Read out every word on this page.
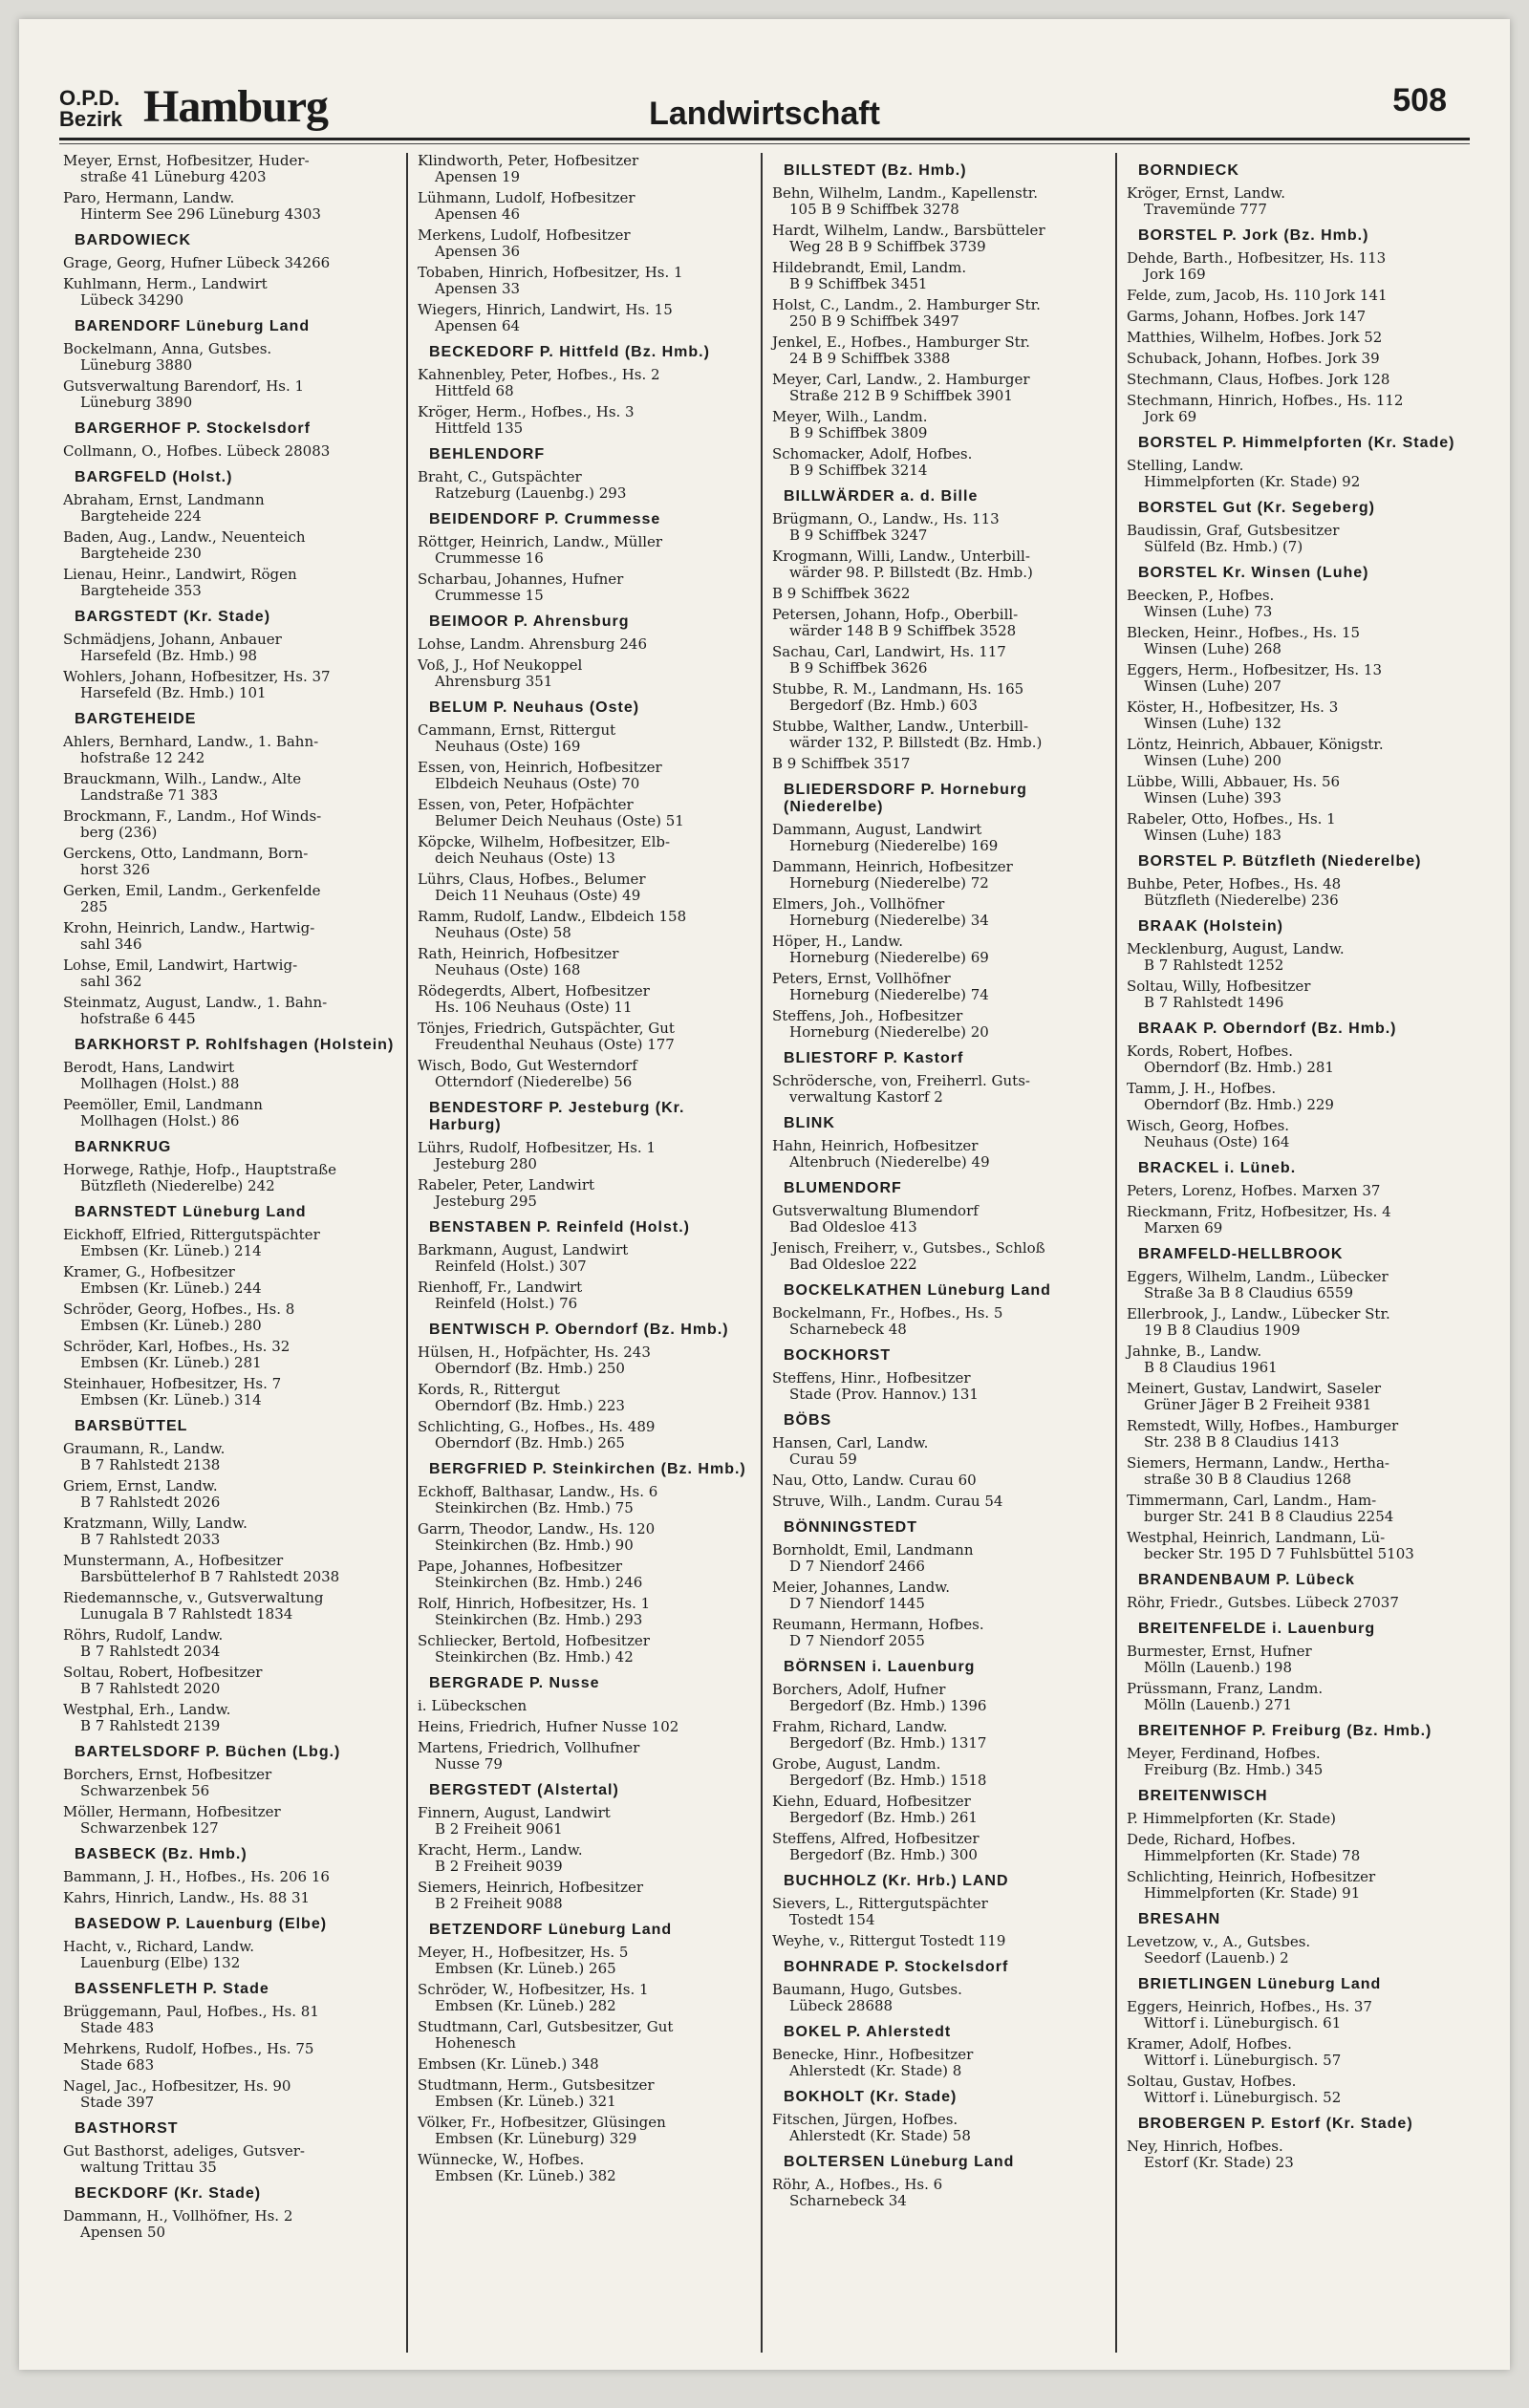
O.P.D.
Bezirk Hamburg	Landwirtschaft	508
Meyer, Ernst, Hofbesitzer, Huder-
straße 41 Lüneburg 4203
Paro, Hermann, Landw.
Hinterm See 296 Lüneburg 4303
BARDOWIECK
Grage, Georg, Hufner Lübeck 34266
Kuhlmann, Herm., Landwirt
Lübeck 34290
BARENDORF Lüneburg Land
Bockelmann, Anna, Gutsbes.
Lüneburg 3880
Gutsverwaltung Barendorf, Hs. 1
Lüneburg 3890
BARGERHOF P. Stockelsdorf
Collmann, O., Hofbes. Lübeck 28083
BARGFELD (Holst.)
Abraham, Ernst, Landmann
Bargteheide 224
Baden, Aug., Landw., Neuenteich
Bargteheide 230
Lienau, Heinr., Landwirt, Rögen
Bargteheide 353
BARGSTEDT (Kr. Stade)
Schmädjens, Johann, Anbauer
Harsefeld (Bz. Hmb.) 98
Wohlers, Johann, Hofbesitzer, Hs. 37
Harsefeld (Bz. Hmb.) 101
BARGTEHEIDE
Ahlers, Bernhard, Landw., 1. Bahn-
hofstraße 12 242
Brauckmann, Wilh., Landw., Alte
Landstraße 71 383
Brockmann, F., Landm., Hof Winds-
berg (236)
Gerckens, Otto, Landmann, Born-
horst 326
Gerken, Emil, Landm., Gerkenfelde
285
Krohn, Heinrich, Landw., Hartwig-
sahl 346
Lohse, Emil, Landwirt, Hartwig-
sahl 362
Steinmatz, August, Landw., 1. Bahn-
hofstraße 6 445
BARKHORST P. Rohlfshagen (Holstein)
Berodt, Hans, Landwirt
Mollhagen (Holst.) 88
Peemöller, Emil, Landmann
Mollhagen (Holst.) 86
BARNKRUG
Horwege, Rathje, Hofp., Hauptstraße
Bützfleth (Niederelbe) 242
BARNSTEDT Lüneburg Land
Eickhoff, Elfried, Rittergutspächter
Embsen (Kr. Lüneb.) 214
Kramer, G., Hofbesitzer
Embsen (Kr. Lüneb.) 244
Schröder, Georg, Hofbes., Hs. 8
Embsen (Kr. Lüneb.) 280
Schröder, Karl, Hofbes., Hs. 32
Embsen (Kr. Lüneb.) 281
Steinhauer, Hofbesitzer, Hs. 7
Embsen (Kr. Lüneb.) 314
BARSBÜTTEL
Graumann, R., Landw.
B 7 Rahlstedt 2138
Griem, Ernst, Landw.
B 7 Rahlstedt 2026
Kratzmann, Willy, Landw.
B 7 Rahlstedt 2033
Munstermann, A., Hofbesitzer
Barsbüttelerhof B 7 Rahlstedt 2038
Riedemannsche, v., Gutsverwaltung
Lunugala B 7 Rahlstedt 1834
Röhrs, Rudolf, Landw.
B 7 Rahlstedt 2034
Soltau, Robert, Hofbesitzer
B 7 Rahlstedt 2020
Westphal, Erh., Landw.
B 7 Rahlstedt 2139
BARTELSDORF P. Büchen (Lbg.)
Borchers, Ernst, Hofbesitzer
Schwarzenbek 56
Möller, Hermann, Hofbesitzer
Schwarzenbek 127
BASBECK (Bz. Hmb.)
Bammann, J. H., Hofbes., Hs. 206 16
Kahrs, Hinrich, Landw., Hs. 88 31
BASEDOW P. Lauenburg (Elbe)
Hacht, v., Richard, Landw.
Lauenburg (Elbe) 132
BASSENFLETH P. Stade
Brüggemann, Paul, Hofbes., Hs. 81
Stade 483
Mehrkens, Rudolf, Hofbes., Hs. 75
Stade 683
Nagel, Jac., Hofbesitzer, Hs. 90
Stade 397
BASTHORST
Gut Basthorst, adeliges, Gutsver-
waltung Trittau 35
BECKDORF (Kr. Stade)
Dammann, H., Vollhöfner, Hs. 2
Apensen 50
Klindworth, Peter, Hofbesitzer
Apensen 19
Lühmann, Ludolf, Hofbesitzer
Apensen 46
Merkens, Ludolf, Hofbesitzer
Apensen 36
Tobaben, Hinrich, Hofbesitzer, Hs. 1
Apensen 33
Wiegers, Hinrich, Landwirt, Hs. 15
Apensen 64
BECKEDORF P. Hittfeld (Bz. Hmb.)
Kahnenbley, Peter, Hofbes., Hs. 2
Hittfeld 68
Kröger, Herm., Hofbes., Hs. 3
Hittfeld 135
BEHLENDORF
Braht, C., Gutspächter
Ratzeburg (Lauenbg.) 293
BEIDENDORF P. Crummesse
Röttger, Heinrich, Landw., Müller
Crummesse 16
Scharbau, Johannes, Hufner
Crummesse 15
BEIMOOR P. Ahrensburg
Lohse, Landm. Ahrensburg 246
Voß, J., Hof Neukoppel
Ahrensburg 351
BELUM P. Neuhaus (Oste)
Cammann, Ernst, Rittergut
Neuhaus (Oste) 169
Essen, von, Heinrich, Hofbesitzer
Elbdeich Neuhaus (Oste) 70
Essen, von, Peter, Hofpächter
Belumer Deich Neuhaus (Oste) 51
Köpcke, Wilhelm, Hofbesitzer, Elb-
deich Neuhaus (Oste) 13
Lührs, Claus, Hofbes., Belumer
Deich 11 Neuhaus (Oste) 49
Ramm, Rudolf, Landw., Elbdeich 158
Neuhaus (Oste) 58
Rath, Heinrich, Hofbesitzer
Neuhaus (Oste) 168
Rödegerdts, Albert, Hofbesitzer
Hs. 106 Neuhaus (Oste) 11
Tönjes, Friedrich, Gutspächter, Gut
Freudenthal Neuhaus (Oste) 177
Wisch, Bodo, Gut Westerndorf
Otterndorf (Niederelbe) 56
BENDESTORF P. Jesteburg (Kr. Harburg)
Lührs, Rudolf, Hofbesitzer, Hs. 1
Jesteburg 280
Rabeler, Peter, Landwirt
Jesteburg 295
BENSTABEN P. Reinfeld (Holst.)
Barkmann, August, Landwirt
Reinfeld (Holst.) 307
Rienhoff, Fr., Landwirt
Reinfeld (Holst.) 76
BENTWISCH P. Oberndorf (Bz. Hmb.)
Hülsen, H., Hofpächter, Hs. 243
Oberndorf (Bz. Hmb.) 250
Kords, R., Rittergut
Oberndorf (Bz. Hmb.) 223
Schlichting, G., Hofbes., Hs. 489
Oberndorf (Bz. Hmb.) 265
BERGFRIED P. Steinkirchen (Bz. Hmb.)
Eckhoff, Balthasar, Landw., Hs. 6
Steinkirchen (Bz. Hmb.) 75
Garrn, Theodor, Landw., Hs. 120
Steinkirchen (Bz. Hmb.) 90
Pape, Johannes, Hofbesitzer
Steinkirchen (Bz. Hmb.) 246
Rolf, Hinrich, Hofbesitzer, Hs. 1
Steinkirchen (Bz. Hmb.) 293
Schliecker, Bertold, Hofbesitzer
Steinkirchen (Bz. Hmb.) 42
BERGRADE P. Nusse
i. Lübeckschen
Heins, Friedrich, Hufner Nusse 102
Martens, Friedrich, Vollhufner
Nusse 79
BERGSTEDT (Alstertal)
Finnern, August, Landwirt
B 2 Freiheit 9061
Kracht, Herm., Landw.
B 2 Freiheit 9039
Siemers, Heinrich, Hofbesitzer
B 2 Freiheit 9088
BETZENDORF Lüneburg Land
Meyer, H., Hofbesitzer, Hs. 5
Embsen (Kr. Lüneb.) 265
Schröder, W., Hofbesitzer, Hs. 1
Embsen (Kr. Lüneb.) 282
Studtmann, Carl, Gutsbesitzer, Gut
Hohenesch
Embsen (Kr. Lüneb.) 348
Studtmann, Herm., Gutsbesitzer
Embsen (Kr. Lüneb.) 321
Völker, Fr., Hofbesitzer, Glüsingen
Embsen (Kr. Lüneburg) 329
Wünnecke, W., Hofbes.
Embsen (Kr. Lüneb.) 382
BILLSTEDT (Bz. Hmb.)
Behn, Wilhelm, Landm., Kapellenstr.
105 B 9 Schiffbek 3278
Hardt, Wilhelm, Landw., Barsbütteler
Weg 28 B 9 Schiffbek 3739
Hildebrandt, Emil, Landm.
B 9 Schiffbek 3451
Holst, C., Landm., 2. Hamburger Str.
250 B 9 Schiffbek 3497
Jenkel, E., Hofbes., Hamburger Str.
24 B 9 Schiffbek 3388
Meyer, Carl, Landw., 2. Hamburger
Straße 212 B 9 Schiffbek 3901
Meyer, Wilh., Landm.
B 9 Schiffbek 3809
Schomacker, Adolf, Hofbes.
B 9 Schiffbek 3214
BILLWÄRDER a. d. Bille
Brügmann, O., Landw., Hs. 113
B 9 Schiffbek 3247
Krogmann, Willi, Landw., Unterbill-
wärder 98. P. Billstedt (Bz. Hmb.)
B 9 Schiffbek 3622
Petersen, Johann, Hofp., Oberbill-
wärder 148 B 9 Schiffbek 3528
Sachau, Carl, Landwirt, Hs. 117
B 9 Schiffbek 3626
Stubbe, R. M., Landmann, Hs. 165
Bergedorf (Bz. Hmb.) 603
Stubbe, Walther, Landw., Unterbill-
wärder 132, P. Billstedt (Bz. Hmb.)
B 9 Schiffbek 3517
BLIEDERSDORF P. Horneburg (Niederelbe)
Dammann, August, Landwirt
Horneburg (Niederelbe) 169
Dammann, Heinrich, Hofbesitzer
Horneburg (Niederelbe) 72
Elmers, Joh., Vollhöfner
Horneburg (Niederelbe) 34
Höper, H., Landw.
Horneburg (Niederelbe) 69
Peters, Ernst, Vollhöfner
Horneburg (Niederelbe) 74
Steffens, Joh., Hofbesitzer
Horneburg (Niederelbe) 20
BLIESTORF P. Kastorf
Schrödersche, von, Freiherrl. Guts-
verwaltung Kastorf 2
BLINK
Hahn, Heinrich, Hofbesitzer
Altenbruch (Niederelbe) 49
BLUMENDORF
Gutsverwaltung Blumendorf
Bad Oldesloe 413
Jenisch, Freiherr, v., Gutsbes., Schloß
Bad Oldesloe 222
BOCKELKATHEN Lüneburg Land
Bockelmann, Fr., Hofbes., Hs. 5
Scharnebeck 48
BOCKHORST
Steffens, Hinr., Hofbesitzer
Stade (Prov. Hannov.) 131
BÖBS
Hansen, Carl, Landw.
Curau 59
Nau, Otto, Landw. Curau 60
Struve, Wilh., Landm. Curau 54
BÖNNINGSTEDT
Bornholdt, Emil, Landmann
D 7 Niendorf 2466
Meier, Johannes, Landw.
D 7 Niendorf 1445
Reumann, Hermann, Hofbes.
D 7 Niendorf 2055
BÖRNSEN i. Lauenburg
Borchers, Adolf, Hufner
Bergedorf (Bz. Hmb.) 1396
Frahm, Richard, Landw.
Bergedorf (Bz. Hmb.) 1317
Grobe, August, Landm.
Bergedorf (Bz. Hmb.) 1518
Kiehn, Eduard, Hofbesitzer
Bergedorf (Bz. Hmb.) 261
Steffens, Alfred, Hofbesitzer
Bergedorf (Bz. Hmb.) 300
BUCHHOLZ (Kr. Hrb.) LAND
Sievers, L., Rittergutspächter
Tostedt 154
Weyhe, v., Rittergut Tostedt 119
BOHNRADE P. Stockelsdorf
Baumann, Hugo, Gutsbes.
Lübeck 28688
BOKEL P. Ahlerstedt
Benecke, Hinr., Hofbesitzer
Ahlerstedt (Kr. Stade) 8
BOKHOLT (Kr. Stade)
Fitschen, Jürgen, Hofbes.
Ahlerstedt (Kr. Stade) 58
BOLTERSEN Lüneburg Land
Röhr, A., Hofbes., Hs. 6
Scharnebeck 34
BORNDIECK
Kröger, Ernst, Landw.
Travemünde 777
BORSTEL P. Jork (Bz. Hmb.)
Dehde, Barth., Hofbesitzer, Hs. 113
Jork 169
Felde, zum, Jacob, Hs. 110 Jork 141
Garms, Johann, Hofbes. Jork 147
Matthies, Wilhelm, Hofbes. Jork 52
Schuback, Johann, Hofbes. Jork 39
Stechmann, Claus, Hofbes. Jork 128
Stechmann, Hinrich, Hofbes., Hs. 112
Jork 69
BORSTEL P. Himmelpforten (Kr. Stade)
Stelling, Landw.
Himmelpforten (Kr. Stade) 92
BORSTEL Gut (Kr. Segeberg)
Baudissin, Graf, Gutsbesitzer
Sülfeld (Bz. Hmb.) (7)
BORSTEL Kr. Winsen (Luhe)
Beecken, P., Hofbes.
Winsen (Luhe) 73
Blecken, Heinr., Hofbes., Hs. 15
Winsen (Luhe) 268
Eggers, Herm., Hofbesitzer, Hs. 13
Winsen (Luhe) 207
Köster, H., Hofbesitzer, Hs. 3
Winsen (Luhe) 132
Löntz, Heinrich, Abbauer, Königstr.
Winsen (Luhe) 200
Lübbe, Willi, Abbauer, Hs. 56
Winsen (Luhe) 393
Rabeler, Otto, Hofbes., Hs. 1
Winsen (Luhe) 183
BORSTEL P. Bützfleth (Niederelbe)
Buhbe, Peter, Hofbes., Hs. 48
Bützfleth (Niederelbe) 236
BRAAK (Holstein)
Mecklenburg, August, Landw.
B 7 Rahlstedt 1252
Soltau, Willy, Hofbesitzer
B 7 Rahlstedt 1496
BRAAK P. Oberndorf (Bz. Hmb.)
Kords, Robert, Hofbes.
Oberndorf (Bz. Hmb.) 281
Tamm, J. H., Hofbes.
Oberndorf (Bz. Hmb.) 229
Wisch, Georg, Hofbes.
Neuhaus (Oste) 164
BRACKEL i. Lüneb.
Peters, Lorenz, Hofbes. Marxen 37
Rieckmann, Fritz, Hofbesitzer, Hs. 4
Marxen 69
BRAMFELD-HELLBROOK
Eggers, Wilhelm, Landm., Lübecker
Straße 3a B 8 Claudius 6559
Ellerbrook, J., Landw., Lübecker Str.
19 B 8 Claudius 1909
Jahnke, B., Landw.
B 8 Claudius 1961
Meinert, Gustav, Landwirt, Saseler
Grüner Jäger B 2 Freiheit 9381
Remstedt, Willy, Hofbes., Hamburger
Str. 238 B 8 Claudius 1413
Siemers, Hermann, Landw., Hertha-
straße 30 B 8 Claudius 1268
Timmermann, Carl, Landm., Ham-
burger Str. 241 B 8 Claudius 2254
Westphal, Heinrich, Landmann, Lü-
becker Str. 195 D 7 Fuhlsbüttel 5103
BRANDENBAUM P. Lübeck
Röhr, Friedr., Gutsbes. Lübeck 27037
BREITENFELDE i. Lauenburg
Burmester, Ernst, Hufner
Mölln (Lauenb.) 198
Prüssmann, Franz, Landm.
Mölln (Lauenb.) 271
BREITENHOF P. Freiburg (Bz. Hmb.)
Meyer, Ferdinand, Hofbes.
Freiburg (Bz. Hmb.) 345
BREITENWISCH
P. Himmelpforten (Kr. Stade)
Dede, Richard, Hofbes.
Himmelpforten (Kr. Stade) 78
Schlichting, Heinrich, Hofbesitzer
Himmelpforten (Kr. Stade) 91
BRESAHN
Levetzow, v., A., Gutsbes.
Seedorf (Lauenb.) 2
BRIETLINGEN Lüneburg Land
Eggers, Heinrich, Hofbes., Hs. 37
Wittorf i. Lüneburgisch. 61
Kramer, Adolf, Hofbes.
Wittorf i. Lüneburgisch. 57
Soltau, Gustav, Hofbes.
Wittorf i. Lüneburgisch. 52
BROBERGEN P. Estorf (Kr. Stade)
Ney, Hinrich, Hofbes.
Estorf (Kr. Stade) 23
